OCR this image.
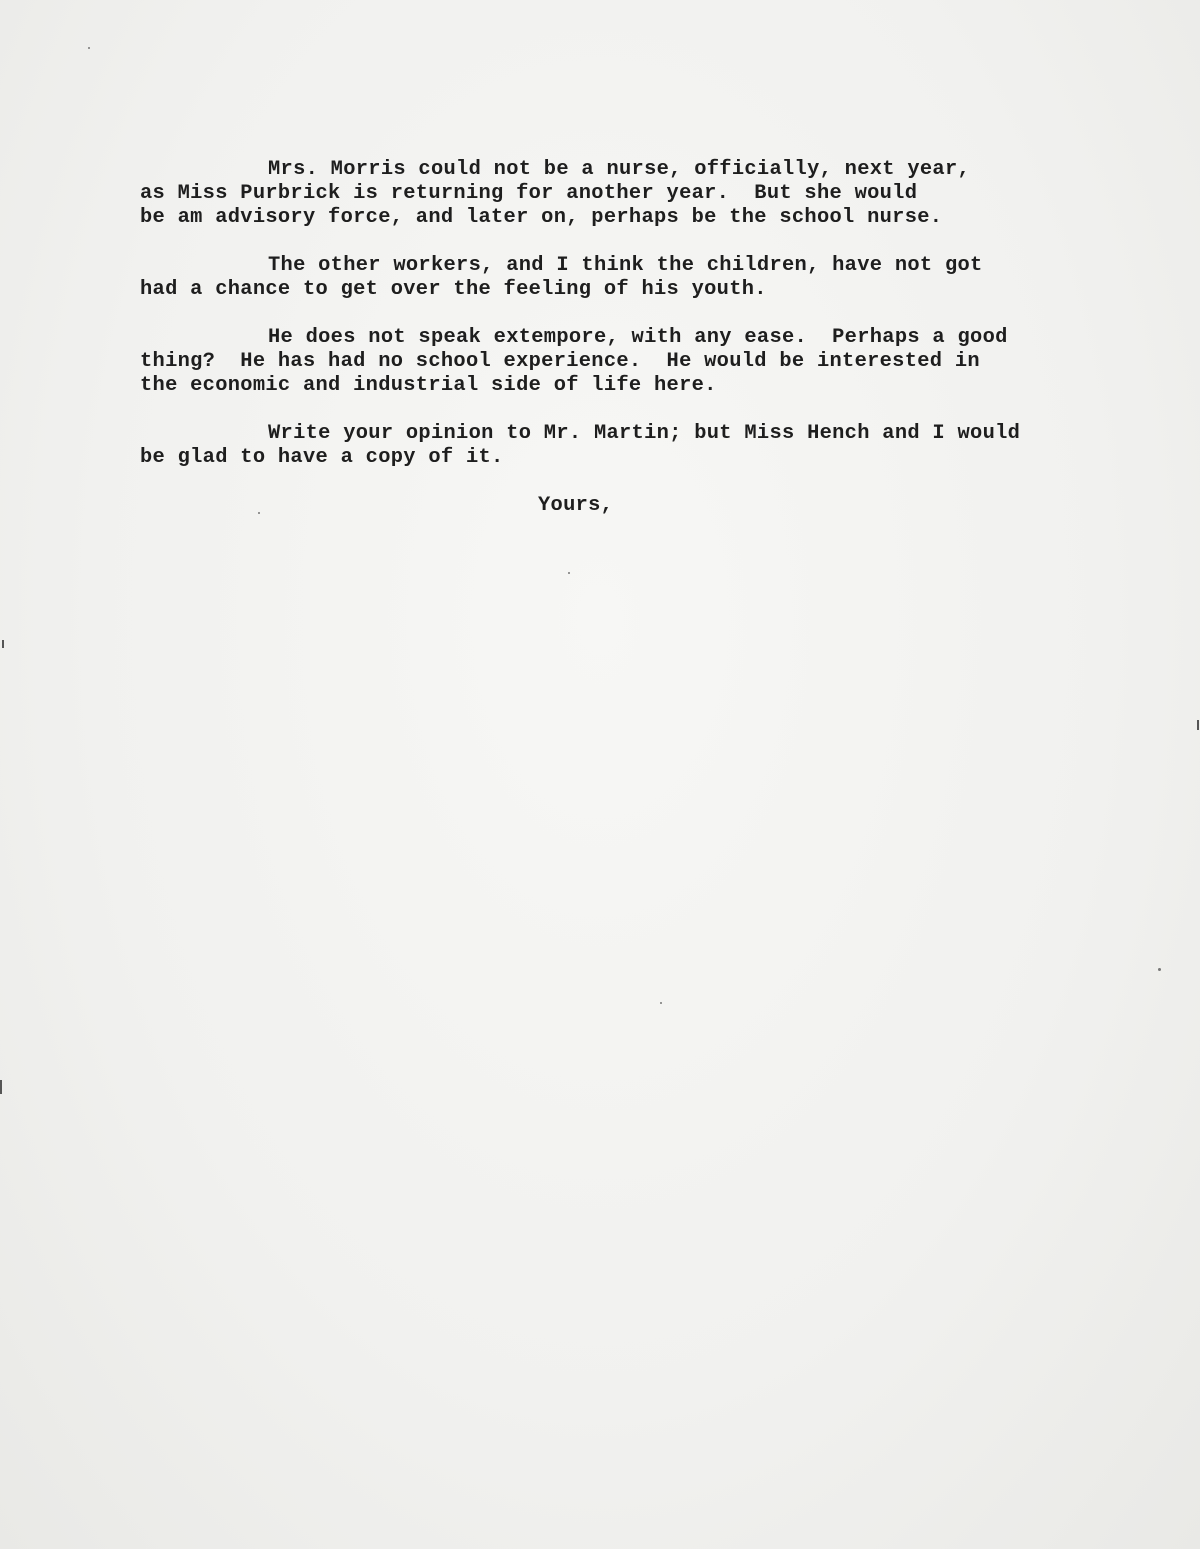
Mrs. Morris could not be a nurse, officially, next year,
as Miss Purbrick is returning for another year.  But she would
be am advisory force, and later on, perhaps be the school nurse.
The other workers, and I think the children, have not got
had a chance to get over the feeling of his youth.
He does not speak extempore, with any ease.  Perhaps a good
thing?  He has had no school experience.  He would be interested in
the economic and industrial side of life here.
Write your opinion to Mr. Martin; but Miss Hench and I would
be glad to have a copy of it.
Yours,
